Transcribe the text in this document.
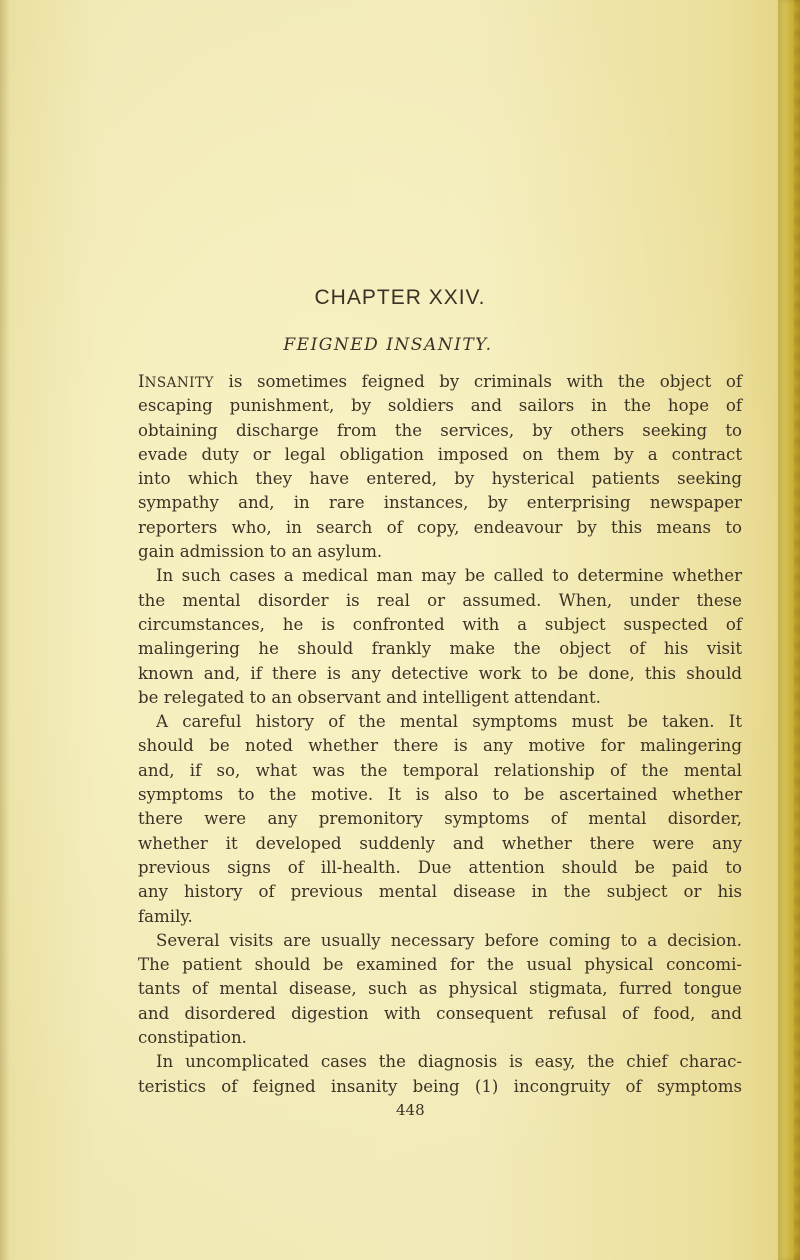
CHAPTER XXIV.
FEIGNED INSANITY.
INSANITY is sometimes feigned by criminals with the object of
escaping punishment, by soldiers and sailors in the hope of
obtaining discharge from the services, by others seeking to
evade duty or legal obligation imposed on them by a contract
into which they have entered, by hysterical patients seeking
sympathy and, in rare instances, by enterprising newspaper
reporters who, in search of copy, endeavour by this means to
gain admission to an asylum.
In such cases a medical man may be called to determine whether
the mental disorder is real or assumed. When, under these
circumstances, he is confronted with a subject suspected of
malingering he should frankly make the object of his visit
known and, if there is any detective work to be done, this should
be relegated to an observant and intelligent attendant.
A careful history of the mental symptoms must be taken. It
should be noted whether there is any motive for malingering
and, if so, what was the temporal relationship of the mental
symptoms to the motive. It is also to be ascertained whether
there were any premonitory symptoms of mental disorder,
whether it developed suddenly and whether there were any
previous signs of ill-health. Due attention should be paid to
any history of previous mental disease in the subject or his
family.
Several visits are usually necessary before coming to a decision.
The patient should be examined for the usual physical concomi-
tants of mental disease, such as physical stigmata, furred tongue
and disordered digestion with consequent refusal of food, and
constipation.
In uncomplicated cases the diagnosis is easy, the chief charac-
teristics of feigned insanity being (1) incongruity of symptoms
448
